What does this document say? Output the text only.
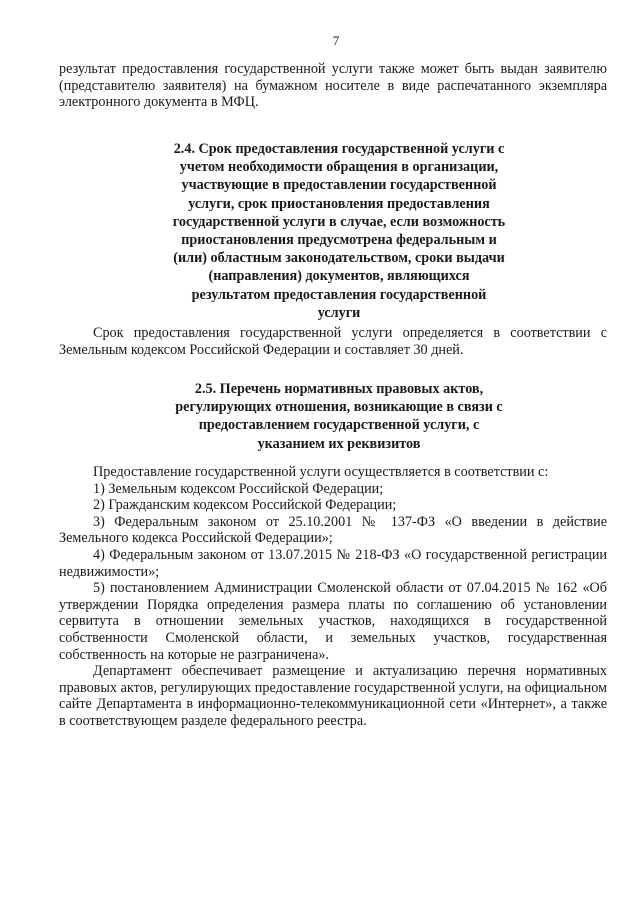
7
результат предоставления государственной услуги также может быть выдан заявителю (представителю заявителя) на бумажном носителе в виде распечатанного экземпляра электронного документа в МФЦ.
2.4. Срок предоставления государственной услуги с
учетом необходимости обращения в организации,
участвующие в предоставлении государственной
услуги, срок приостановления предоставления
государственной услуги в случае, если возможность
приостановления предусмотрена федеральным и
(или) областным законодательством, сроки выдачи
(направления) документов, являющихся
результатом предоставления государственной
услуги
Срок предоставления государственной услуги определяется в соответствии с Земельным кодексом Российской Федерации и составляет 30 дней.
2.5. Перечень нормативных правовых актов,
регулирующих отношения, возникающие в связи с
предоставлением государственной услуги, с
указанием их реквизитов

Предоставление государственной услуги осуществляется в соответствии с:

1) Земельным кодексом Российской Федерации;

2) Гражданским кодексом Российской Федерации;

3) Федеральным законом от 25.10.2001 № 137-ФЗ «О введении в действие Земельного кодекса Российской Федерации»;

4) Федеральным законом от 13.07.2015 № 218-ФЗ «О государственной регистрации недвижимости»;

5) постановлением Администрации Смоленской области от 07.04.2015 № 162 «Об утверждении Порядка определения размера платы по соглашению об установлении сервитута в отношении земельных участков, находящихся в государственной собственности Смоленской области, и земельных участков, государственная собственность на которые не разграничена».

Департамент обеспечивает размещение и актуализацию перечня нормативных правовых актов, регулирующих предоставление государственной услуги, на официальном сайте Департамента в информационно-телекоммуникационной сети «Интернет», а также в соответствующем разделе федерального реестра.
